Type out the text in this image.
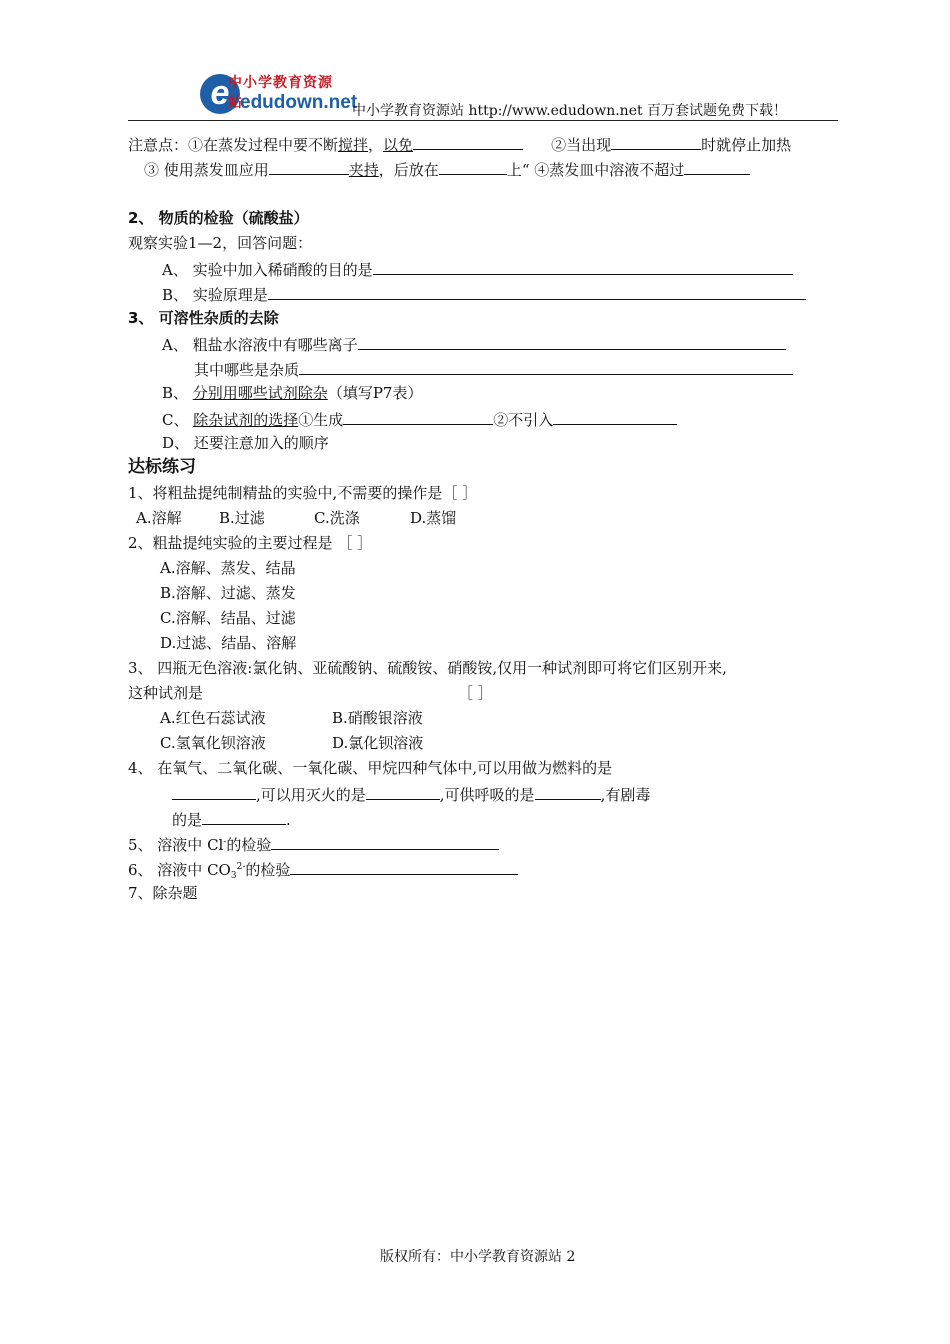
e
中小学教育资源站
edudown.net
中小学教育资源站 http://www.edudown.net 百万套试题免费下载！
注意点：①在蒸发过程中要不断搅拌，以免	②当出现	时就停止加热
③ 使用蒸发皿应用	夹持，后放在	上“ ④蒸发皿中溶液不超过
2、 物质的检验（硫酸盐）
观察实验1—2，回答问题：
A、 实验中加入稀硝酸的目的是
B、 实验原理是
3、 可溶性杂质的去除
A、 粗盐水溶液中有哪些离子
其中哪些是杂质
B、 分别用哪些试剂除杂（填写P7表）
C、 除杂试剂的选择①生成	②不引入
D、 还要注意加入的顺序
达标练习
1、将粗盐提纯制精盐的实验中,不需要的操作是［ ］
A.溶解 B.过滤	C.洗涤	D.蒸馏
2、粗盐提纯实验的主要过程是 ［ ］
A.溶解、蒸发、结晶
B.溶解、过滤、蒸发
C.溶解、结晶、过滤
D.过滤、结晶、溶解
3、 四瓶无色溶液:氯化钠、亚硫酸钠、硫酸铵、硝酸铵,仅用一种试剂即可将它们区别开来,
这种试剂是	［ ］
A.红色石蕊试液	B.硝酸银溶液
C.氢氧化钡溶液	D.氯化钡溶液
4、 在氧气、二氧化碳、一氧化碳、甲烷四种气体中,可以用做为燃料的是
,可以用灭火的是	,可供呼吸的是	,有剧毒
的是	.
5、 溶液中 Cl-的检验
6、 溶液中 $CO_3^{2-}$的检验
7、除杂题
版权所有：中小学教育资源站 2
